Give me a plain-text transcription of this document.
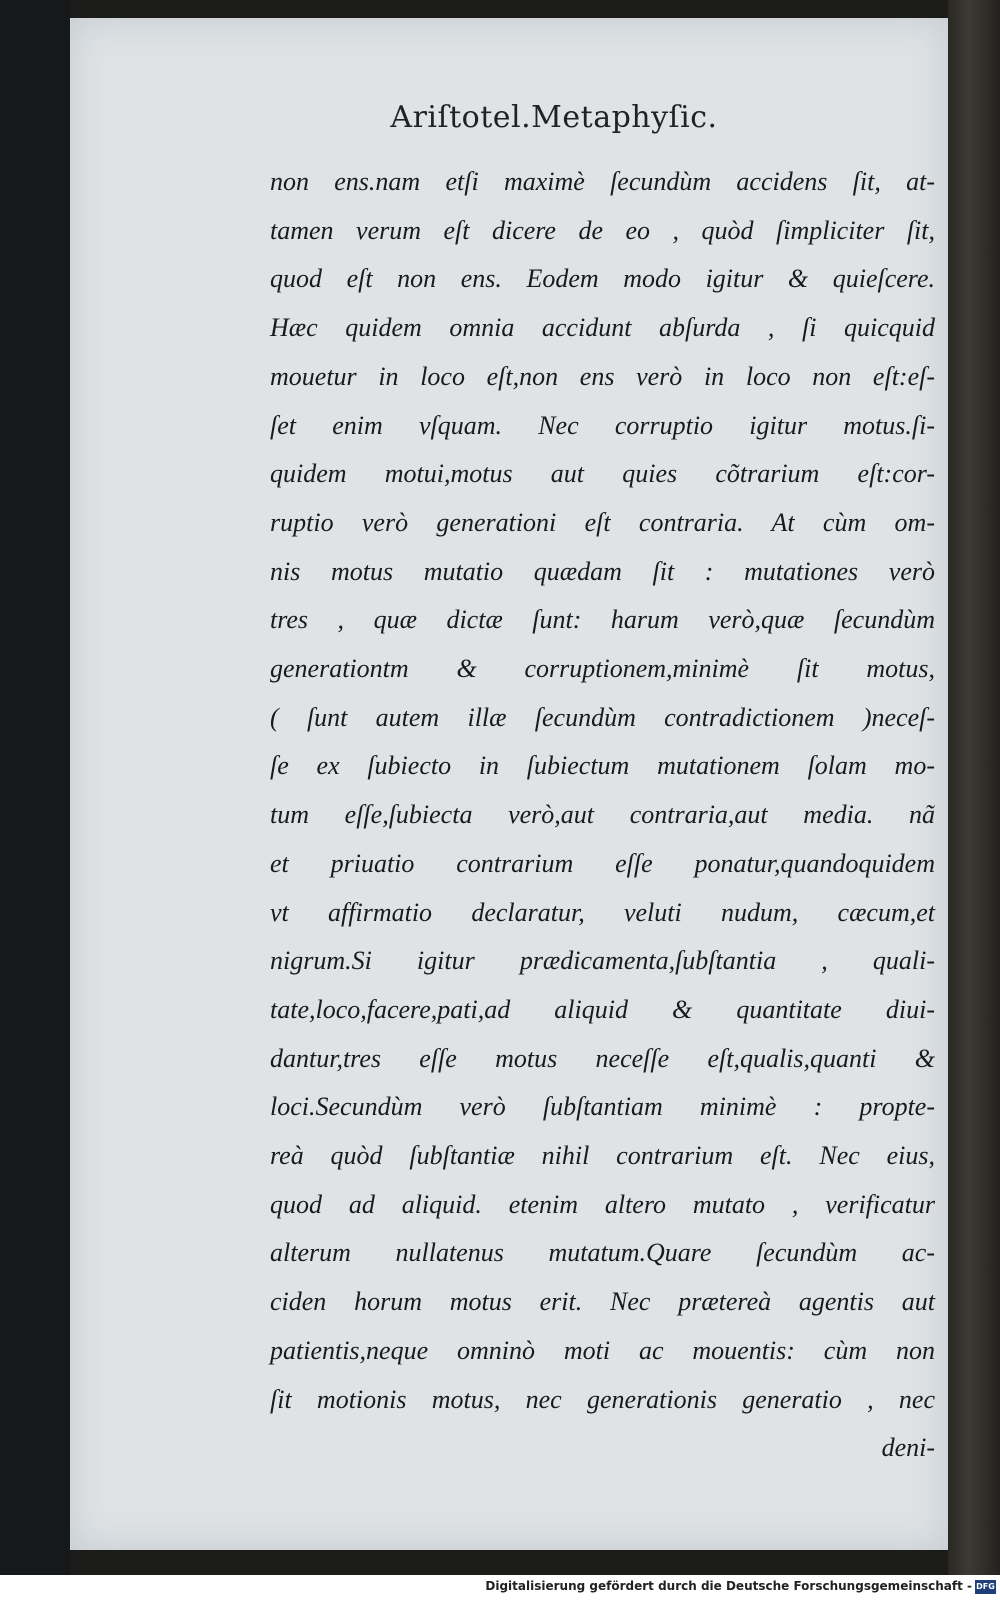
Ariſtotel.Metaphyſic.
non ens.nam etſi maximè ſecundùm accidens ſit, at-
tamen verum eſt dicere de eo , quòd ſimpliciter ſit,
quod eſt non ens. Eodem modo igitur & quieſcere.
Hæc quidem omnia accidunt abſurda , ſi quicquid
mouetur in loco eſt,non ens verò in loco non eſt:eſ-
ſet enim vſquam. Nec corruptio igitur motus.ſi-
quidem motui,motus aut quies cõtrarium eſt:cor-
ruptio verò generationi eſt contraria. At cùm om-
nis motus mutatio quædam ſit : mutationes verò
tres , quæ dictæ ſunt: harum verò,quæ ſecundùm
generationtm & corruptionem,minimè ſit motus,
( ſunt autem illæ ſecundùm contradictionem )neceſ-
ſe ex ſubiecto in ſubiectum mutationem ſolam mo-
tum eſſe,ſubiecta verò,aut contraria,aut media. nã
et priuatio contrarium eſſe ponatur,quandoquidem
vt affirmatio declaratur, veluti nudum, cæcum,et
nigrum.Si igitur prædicamenta,ſubſtantia , quali-
tate,loco,facere,pati,ad aliquid & quantitate diui-
dantur,tres eſſe motus neceſſe eſt,qualis,quanti &
loci.Secundùm verò ſubſtantiam minimè : propte-
reà quòd ſubſtantiæ nihil contrarium eſt. Nec eius,
quod ad aliquid. etenim altero mutato , verificatur
alterum nullatenus mutatum.Quare ſecundùm ac-
ciden horum motus erit. Nec prætereà agentis aut
patientis,neque omninò moti ac mouentis: cùm non
ſit motionis motus, nec generationis generatio , nec
deni-
Digitalisierung gefördert durch die Deutsche Forschungsgemeinschaft - DFG
